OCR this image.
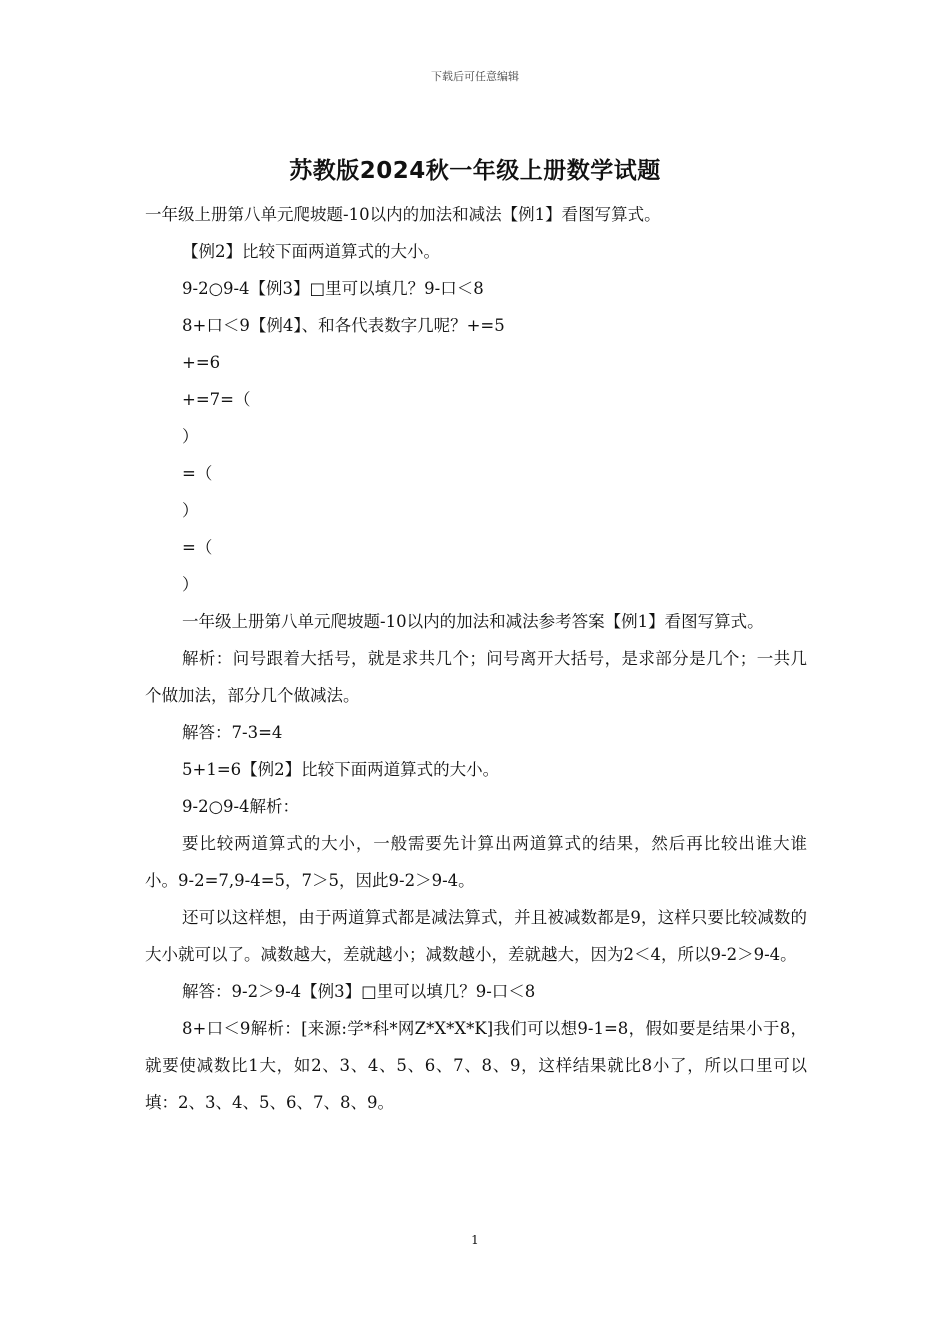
下载后可任意编辑
苏教版2024秋一年级上册数学试题

一年级上册第八单元爬坡题-10以内的加法和减法【例1】看图写算式。

【例2】比较下面两道算式的大小。

9-2○9-4【例3】□里可以填几？9-口＜8

8+口＜9【例4】、和各代表数字几呢？+=5

+=6

+=7=（

）

=（

）

=（

）

一年级上册第八单元爬坡题-10以内的加法和减法参考答案【例1】看图写算式。

解析：问号跟着大括号，就是求共几个；问号离开大括号，是求部分是几个；一共几个做加法，部分几个做减法。

解答：7-3=4

5+1=6【例2】比较下面两道算式的大小。

9-2○9-4解析：

要比较两道算式的大小，一般需要先计算出两道算式的结果，然后再比较出谁大谁小。9-2=7,9-4=5，7＞5，因此9-2＞9-4。

还可以这样想，由于两道算式都是减法算式，并且被减数都是9，这样只要比较减数的大小就可以了。减数越大，差就越小；减数越小，差就越大，因为2＜4，所以9-2＞9-4。

解答：9-2＞9-4【例3】□里可以填几？9-口＜8

8+口＜9解析：[来源:学*科*网Z*X*X*K]我们可以想9-1=8，假如要是结果小于8，就要使减数比1大，如2、3、4、5、6、7、8、9，这样结果就比8小了，所以口里可以填：2、3、4、5、6、7、8、9。

1
